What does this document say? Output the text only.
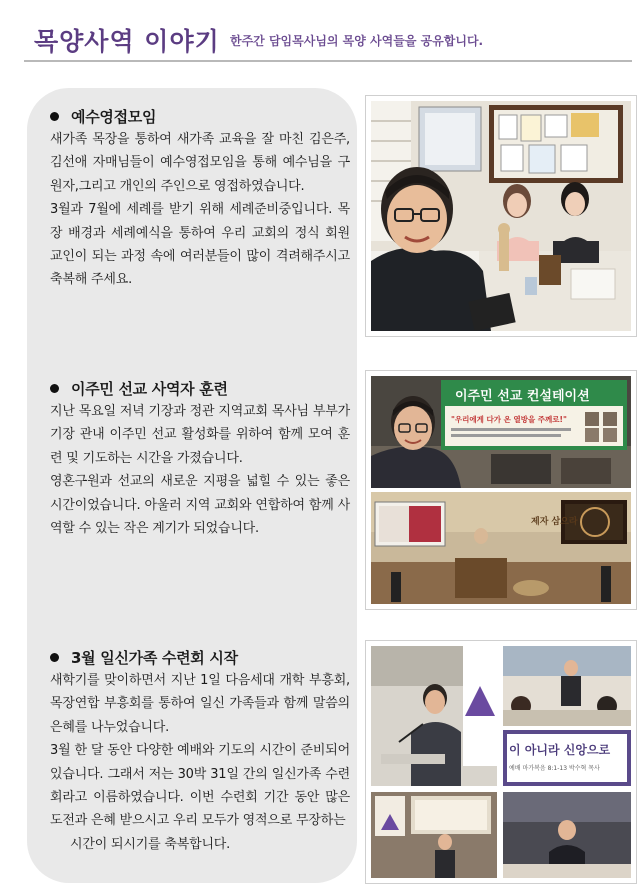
목양사역 이야기 한주간 담임목사님의 목양 사역들을 공유합니다.
예수영접모임

새가족 목장을 통하여 새가족 교육을 잘 마친 김은주, 김선애 자매님들이 예수영접모임을 통해 예수님을 구원자,그리고 개인의 주인으로 영접하였습니다.

3월과 7월에 세례를 받기 위해 세례준비중입니다. 목장 배경과 세례예식을 통하여 우리 교회의 정식 회원 교인이 되는 과정 속에 여러분들이 많이 격려해주시고 축복해 주세요.

이주민 선교 사역자 훈련

지난 목요일 저녁 기장과 정관 지역교회 목사님 부부가 기장 관내 이주민 선교 활성화를 위하여 함께 모여 훈련 및 기도하는 시간을 가졌습니다.

영혼구원과 선교의 새로운 지평을 넓힐 수 있는 좋은 시간이었습니다. 아울러 지역 교회와 연합하여 함께 사역할 수 있는 작은 계기가 되었습니다.

3월 일신가족 수련회 시작

새학기를 맞이하면서 지난 1일 다음세대 개학 부흥회, 목장연합 부흥회를 통하여 일신 가족들과 함께 말씀의 은혜를 나누었습니다.

3월 한 달 동안 다양한 예배와 기도의 시간이 준비되어 있습니다. 그래서 저는 30박 31일 간의 일신가족 수련회라고 이름하였습니다. 이번 수련회 기간 동안 많은 도전과 은혜 받으시고 우리 모두가 영적으로 무장하는

시간이 되시기를 축복합니다.

이주민 선교 컨설테이션
"우리에게 다가 온 열방을 주께로!"
제자 삼으라
이 아니라 신앙으로
예배 마가복음 8:1-13 박수혁 목사
